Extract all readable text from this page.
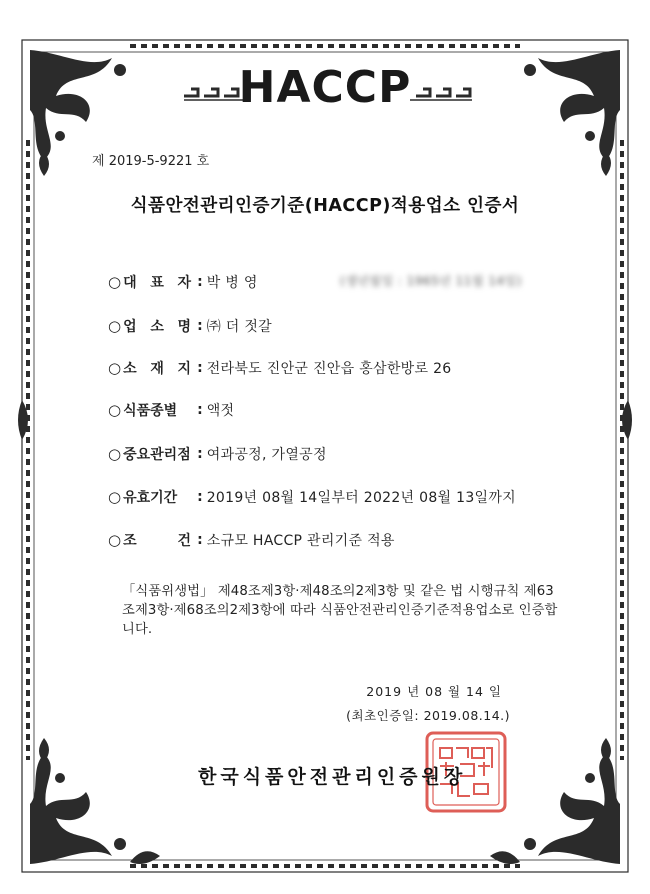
HACCP
제 2019-5-9221 호
식품안전관리인증기준(HACCP)적용업소 인증서
○ 대 표 자 : 박 병 영	(생년월일 : 1965년 11월 14일)
○ 업 소 명 : ㈜ 더 젓갈
○ 소 재 지 : 전라북도 진안군 진안읍 홍삼한방로 26
○ 식품종별	: 액젓
○ 중요관리점 : 여과공정, 가열공정
○ 유효기간	: 2019년 08월 14일부터 2022년 08월 13일까지
○ 조 건 : 소규모 HACCP 관리기준 적용
「식품위생법」 제48조제3항·제48조의2제3항 및 같은 법 시행규칙 제63조제3항·제68조의2제3항에 따라 식품안전관리인증기준적용업소로 인증합니다.
2019 년 08 월 14 일
(최초인증일: 2019.08.14.)
한국식품안전관리인증원장
